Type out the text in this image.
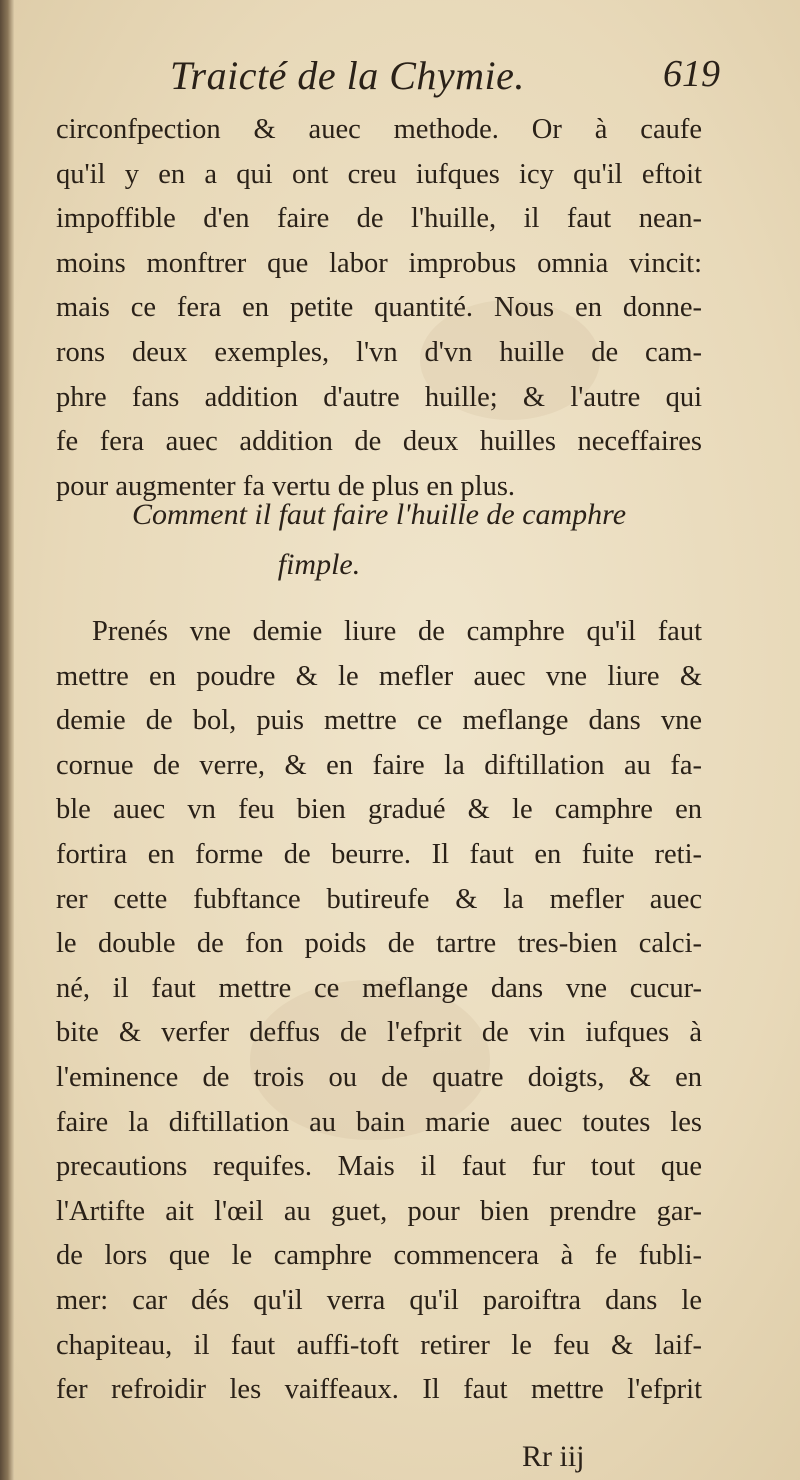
Traicté de la Chymie.	619
circonfpection & auec methode. Or à caufe
qu'il y en a qui ont creu iufques icy qu'il eftoit
impoffible d'en faire de l'huille, il faut nean-
moins monftrer que labor improbus omnia vincit:
mais ce fera en petite quantité. Nous en donne-
rons deux exemples, l'vn d'vn huille de cam-
phre fans addition d'autre huille; & l'autre qui
fe fera auec addition de deux huilles neceffaires
pour augmenter fa vertu de plus en plus.
Comment il faut faire l'huille de camphre
fimple.
Prenés vne demie liure de camphre qu'il faut
mettre en poudre & le mefler auec vne liure &
demie de bol, puis mettre ce meflange dans vne
cornue de verre, & en faire la diftillation au fa-
ble auec vn feu bien gradué & le camphre en
fortira en forme de beurre. Il faut en fuite reti-
rer cette fubftance butireufe & la mefler auec
le double de fon poids de tartre tres-bien calci-
né, il faut mettre ce meflange dans vne cucur-
bite & verfer deffus de l'efprit de vin iufques à
l'eminence de trois ou de quatre doigts, & en
faire la diftillation au bain marie auec toutes les
precautions requifes. Mais il faut fur tout que
l'Artifte ait l'œil au guet, pour bien prendre gar-
de lors que le camphre commencera à fe fubli-
mer: car dés qu'il verra qu'il paroiftra dans le
chapiteau, il faut auffi-toft retirer le feu & laif-
fer refroidir les vaiffeaux. Il faut mettre l'efprit
Rr iij
